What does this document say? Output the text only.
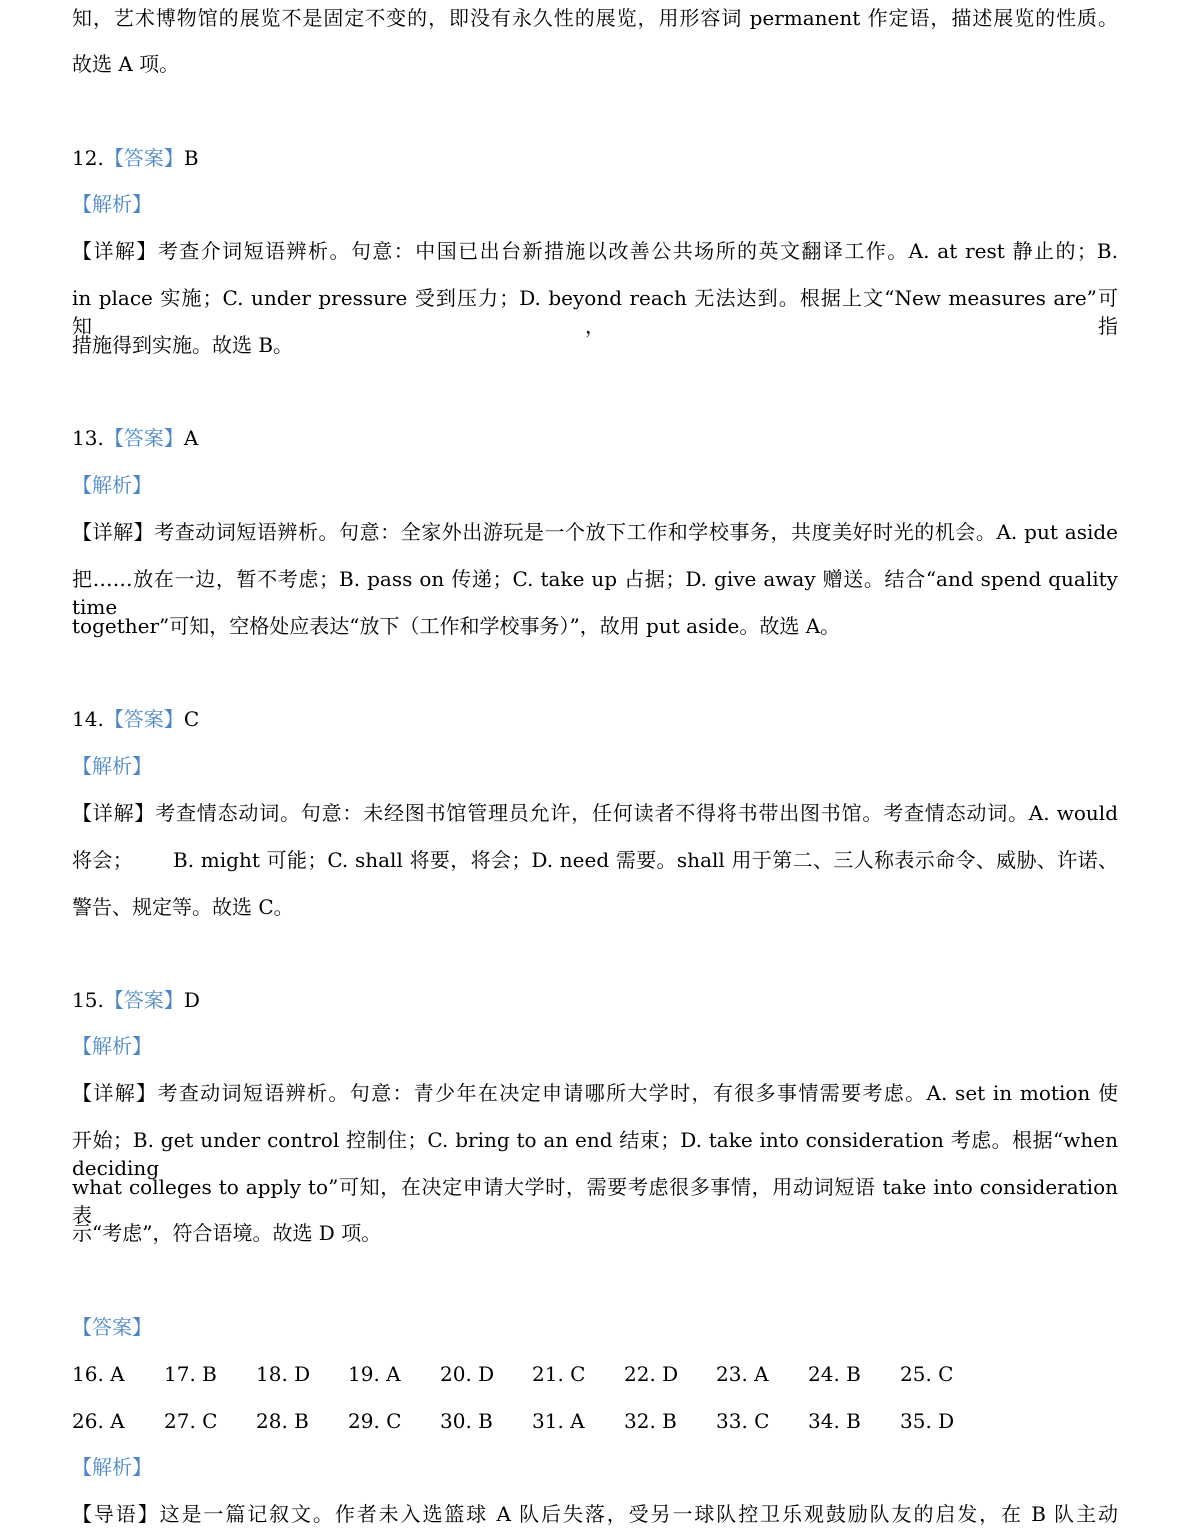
知，艺术博物馆的展览不是固定不变的，即没有永久性的展览，用形容词 permanent 作定语，描述展览的性质。
故选 A 项。
12.【答案】B
【解析】
【详解】考查介词短语辨析。句意：中国已出台新措施以改善公共场所的英文翻译工作。A. at rest 静止的；B.
in place 实施；C. under pressure 受到压力；D. beyond reach 无法达到。根据上文“New measures are”可知，指
措施得到实施。故选 B。
13.【答案】A
【解析】
【详解】考查动词短语辨析。句意：全家外出游玩是一个放下工作和学校事务，共度美好时光的机会。A. put aside
把……放在一边，暂不考虑；B. pass on 传递；C. take up 占据；D. give away 赠送。结合“and spend quality time
together”可知，空格处应表达“放下（工作和学校事务）”，故用 put aside。故选 A。
14.【答案】C
【解析】
【详解】考查情态动词。句意：未经图书馆管理员允许，任何读者不得将书带出图书馆。考查情态动词。A. would
将会；      B. might 可能；C. shall 将要，将会；D. need 需要。shall 用于第二、三人称表示命令、威胁、许诺、
警告、规定等。故选 C。
15.【答案】D
【解析】
【详解】考查动词短语辨析。句意：青少年在决定申请哪所大学时，有很多事情需要考虑。A. set in motion 使
开始；B. get under control 控制住；C. bring to an end 结束；D. take into consideration 考虑。根据“when deciding
what colleges to apply to”可知，在决定申请大学时，需要考虑很多事情，用动词短语 take into consideration 表
示“考虑”，符合语境。故选 D 项。
【答案】
16. A 17. B 18. D 19. A 20. D 21. C 22. D 23. A 24. B 25. C
26. A 27. C 28. B 29. C 30. B 31. A 32. B 33. C 34. B 35. D
【解析】
【导语】这是一篇记叙文。作者未入选篮球 A 队后失落，受另一球队控卫乐观鼓励队友的启发，在 B 队主动
